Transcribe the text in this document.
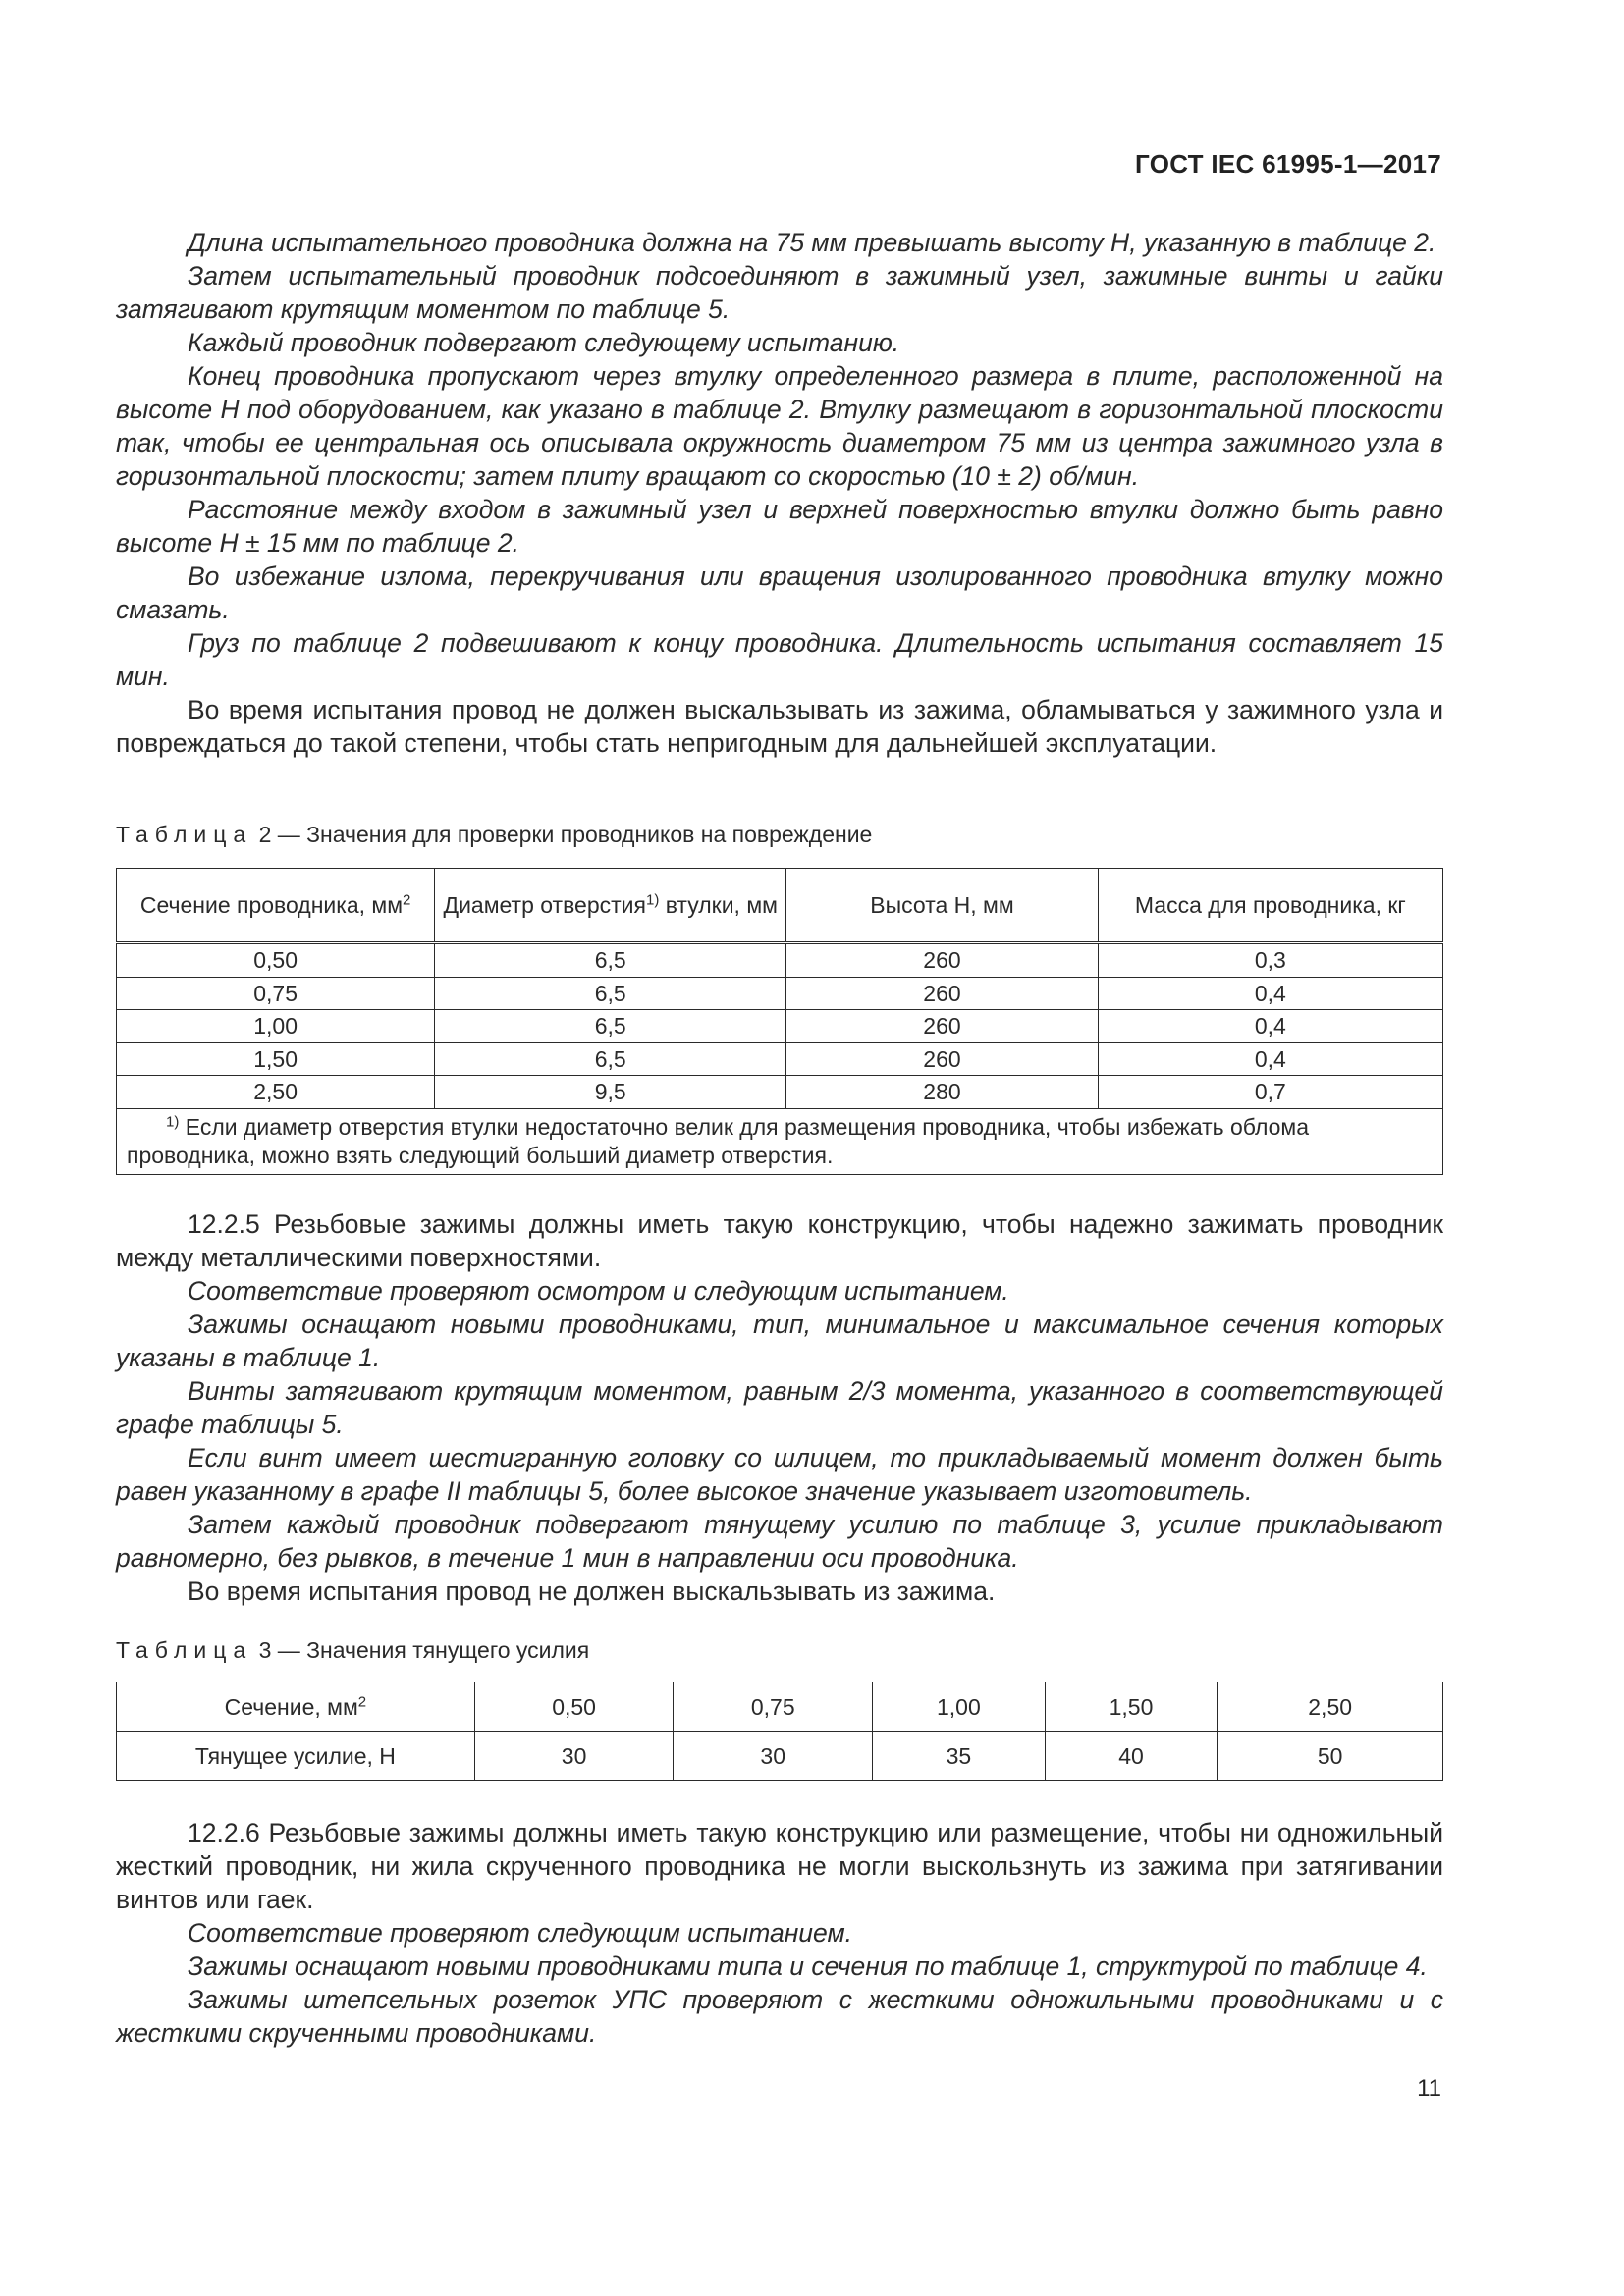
ГОСТ IEC 61995-1—2017

Длина испытательного проводника должна на 75 мм превышать высоту H, указанную в таблице 2.

Затем испытательный проводник подсоединяют в зажимный узел, зажимные винты и гайки затягивают крутящим моментом по таблице 5.

Каждый проводник подвергают следующему испытанию.

Конец проводника пропускают через втулку определенного размера в плите, расположенной на высоте H под оборудованием, как указано в таблице 2. Втулку размещают в горизонтальной плоскости так, чтобы ее центральная ось описывала окружность диаметром 75 мм из центра зажимного узла в горизонтальной плоскости; затем плиту вращают со скоростью (10 ± 2) об/мин.

Расстояние между входом в зажимный узел и верхней поверхностью втулки должно быть равно высоте H ± 15 мм по таблице 2.

Во избежание излома, перекручивания или вращения изолированного проводника втулку можно смазать.

Груз по таблице 2 подвешивают к концу проводника. Длительность испытания составляет 15 мин.

Во время испытания провод не должен выскальзывать из зажима, обламываться у зажимного узла и повреждаться до такой степени, чтобы стать непригодным для дальнейшей эксплуатации.

Таблица 2 — Значения для проверки проводников на повреждение

Сечение проводника, $мм^2$	Диаметр отверстия$^{1)}$ втулки, мм	Высота H, мм	Масса для проводника, кг
0,50	6,5	260	0,3
0,75	6,5	260	0,4
1,00	6,5	260	0,4
1,50	6,5	260	0,4
2,50	9,5	280	0,7
$^{1)}$ Если диаметр отверстия втулки недостаточно велик для размещения проводника, чтобы избежать облома проводника, можно взять следующий больший диаметр отверстия.			

12.2.5 Резьбовые зажимы должны иметь такую конструкцию, чтобы надежно зажимать проводник между металлическими поверхностями.

Соответствие проверяют осмотром и следующим испытанием.

Зажимы оснащают новыми проводниками, тип, минимальное и максимальное сечения которых указаны в таблице 1.

Винты затягивают крутящим моментом, равным 2/3 момента, указанного в соответствующей графе таблицы 5.

Если винт имеет шестигранную головку со шлицем, то прикладываемый момент должен быть равен указанному в графе II таблицы 5, более высокое значение указывает изготовитель.

Затем каждый проводник подвергают тянущему усилию по таблице 3, усилие прикладывают равномерно, без рывков, в течение 1 мин в направлении оси проводника.

Во время испытания провод не должен выскальзывать из зажима.

Таблица 3 — Значения тянущего усилия

Сечение, $мм^2$	0,50	0,75	1,00	1,50	2,50
Тянущее усилие, Н	30	30	35	40	50

12.2.6 Резьбовые зажимы должны иметь такую конструкцию или размещение, чтобы ни одножильный жесткий проводник, ни жила скрученного проводника не могли выскользнуть из зажима при затягивании винтов или гаек.

Соответствие проверяют следующим испытанием.

Зажимы оснащают новыми проводниками типа и сечения по таблице 1, структурой по таблице 4.

Зажимы штепсельных розеток УПС проверяют с жесткими одножильными проводниками и с жесткими скрученными проводниками.

11
